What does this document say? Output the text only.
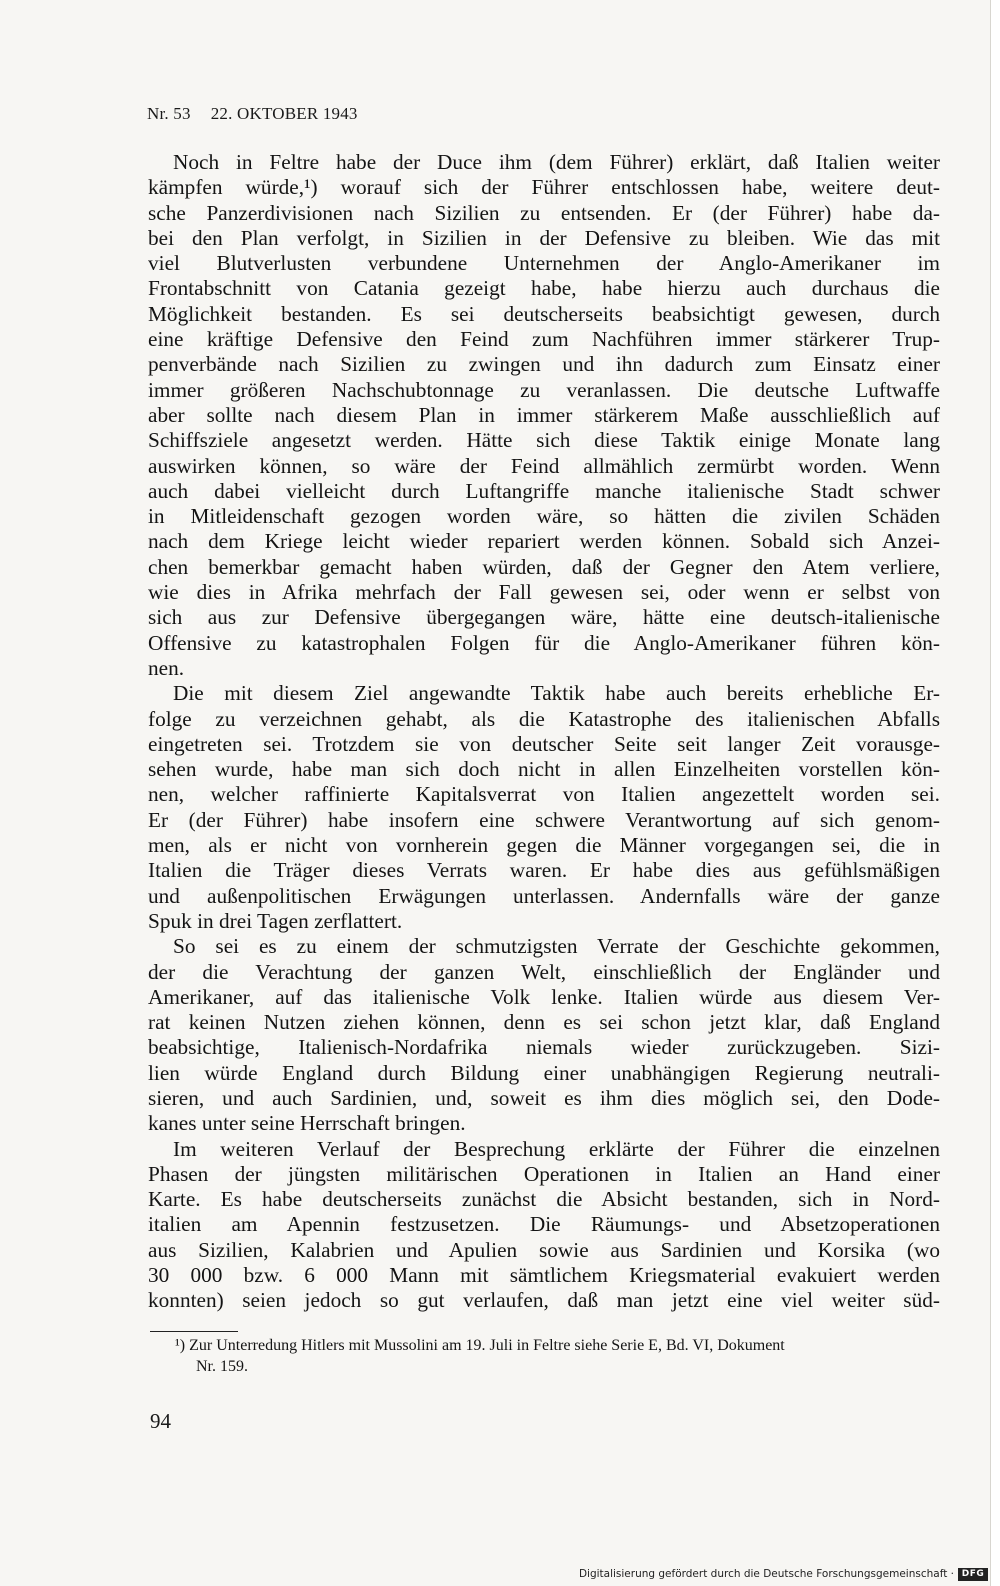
Nr. 53 22. OKTOBER 1943
Noch in Feltre habe der Duce ihm (dem Führer) erklärt, daß Italien weiter
kämpfen würde,¹) worauf sich der Führer entschlossen habe, weitere deut-
sche Panzerdivisionen nach Sizilien zu entsenden. Er (der Führer) habe da-
bei den Plan verfolgt, in Sizilien in der Defensive zu bleiben. Wie das mit
viel Blutverlusten verbundene Unternehmen der Anglo-Amerikaner im
Frontabschnitt von Catania gezeigt habe, habe hierzu auch durchaus die
Möglichkeit bestanden. Es sei deutscherseits beabsichtigt gewesen, durch
eine kräftige Defensive den Feind zum Nachführen immer stärkerer Trup-
penverbände nach Sizilien zu zwingen und ihn dadurch zum Einsatz einer
immer größeren Nachschubtonnage zu veranlassen. Die deutsche Luftwaffe
aber sollte nach diesem Plan in immer stärkerem Maße ausschließlich auf
Schiffsziele angesetzt werden. Hätte sich diese Taktik einige Monate lang
auswirken können, so wäre der Feind allmählich zermürbt worden. Wenn
auch dabei vielleicht durch Luftangriffe manche italienische Stadt schwer
in Mitleidenschaft gezogen worden wäre, so hätten die zivilen Schäden
nach dem Kriege leicht wieder repariert werden können. Sobald sich Anzei-
chen bemerkbar gemacht haben würden, daß der Gegner den Atem verliere,
wie dies in Afrika mehrfach der Fall gewesen sei, oder wenn er selbst von
sich aus zur Defensive übergegangen wäre, hätte eine deutsch-italienische
Offensive zu katastrophalen Folgen für die Anglo-Amerikaner führen kön-
nen.
Die mit diesem Ziel angewandte Taktik habe auch bereits erhebliche Er-
folge zu verzeichnen gehabt, als die Katastrophe des italienischen Abfalls
eingetreten sei. Trotzdem sie von deutscher Seite seit langer Zeit vorausge-
sehen wurde, habe man sich doch nicht in allen Einzelheiten vorstellen kön-
nen, welcher raffinierte Kapitalsverrat von Italien angezettelt worden sei.
Er (der Führer) habe insofern eine schwere Verantwortung auf sich genom-
men, als er nicht von vornherein gegen die Männer vorgegangen sei, die in
Italien die Träger dieses Verrats waren. Er habe dies aus gefühlsmäßigen
und außenpolitischen Erwägungen unterlassen. Andernfalls wäre der ganze
Spuk in drei Tagen zerflattert.
So sei es zu einem der schmutzigsten Verrate der Geschichte gekommen,
der die Verachtung der ganzen Welt, einschließlich der Engländer und
Amerikaner, auf das italienische Volk lenke. Italien würde aus diesem Ver-
rat keinen Nutzen ziehen können, denn es sei schon jetzt klar, daß England
beabsichtige, Italienisch-Nordafrika niemals wieder zurückzugeben. Sizi-
lien würde England durch Bildung einer unabhängigen Regierung neutrali-
sieren, und auch Sardinien, und, soweit es ihm dies möglich sei, den Dode-
kanes unter seine Herrschaft bringen.
Im weiteren Verlauf der Besprechung erklärte der Führer die einzelnen
Phasen der jüngsten militärischen Operationen in Italien an Hand einer
Karte. Es habe deutscherseits zunächst die Absicht bestanden, sich in Nord-
italien am Apennin festzusetzen. Die Räumungs- und Absetzoperationen
aus Sizilien, Kalabrien und Apulien sowie aus Sardinien und Korsika (wo
30 000 bzw. 6 000 Mann mit sämtlichem Kriegsmaterial evakuiert werden
konnten) seien jedoch so gut verlaufen, daß man jetzt eine viel weiter süd-
¹) Zur Unterredung Hitlers mit Mussolini am 19. Juli in Feltre siehe Serie E, Bd. VI, Dokument
Nr. 159.
94
Digitalisierung gefördert durch die Deutsche Forschungsgemeinschaft · DFG
